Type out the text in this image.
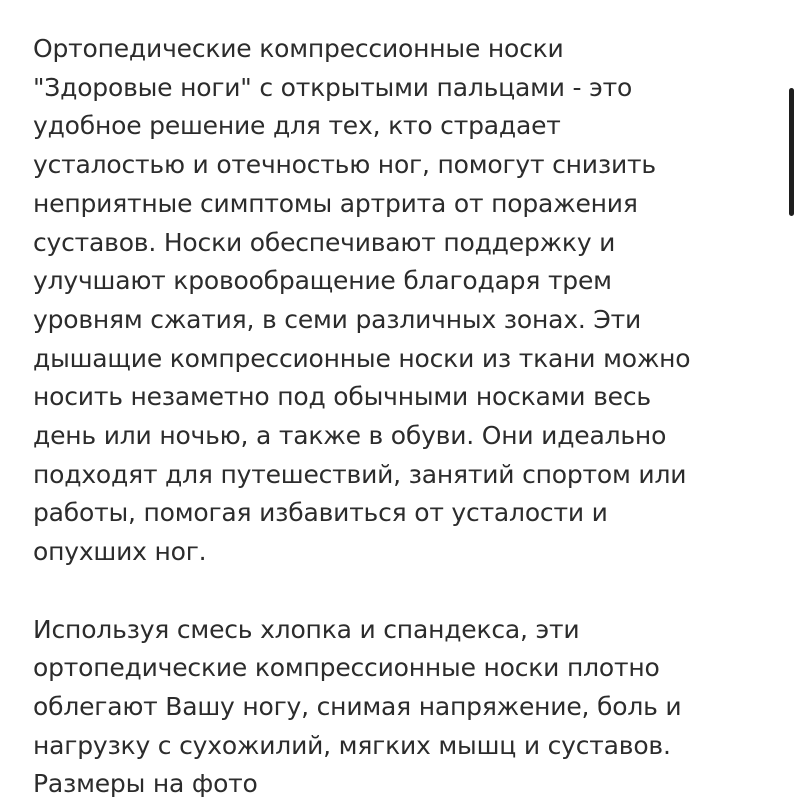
Ортопедические компрессионные носки
"Здоровые ноги" с открытыми пальцами - это
удобное решение для тех, кто страдает
усталостью и отечностью ног, помогут снизить
неприятные симптомы артрита от поражения
суставов. Носки обеспечивают поддержку и
улучшают кровообращение благодаря трем
уровням сжатия, в семи различных зонах. Эти
дышащие компрессионные носки из ткани можно
носить незаметно под обычными носками весь
день или ночью, а также в обуви. Они идеально
подходят для путешествий, занятий спортом или
работы, помогая избавиться от усталости и
опухших ног.
Используя смесь хлопка и спандекса, эти
ортопедические компрессионные носки плотно
облегают Вашу ногу, снимая напряжение, боль и
нагрузку с сухожилий, мягких мышц и суставов.
Размеры на фото
